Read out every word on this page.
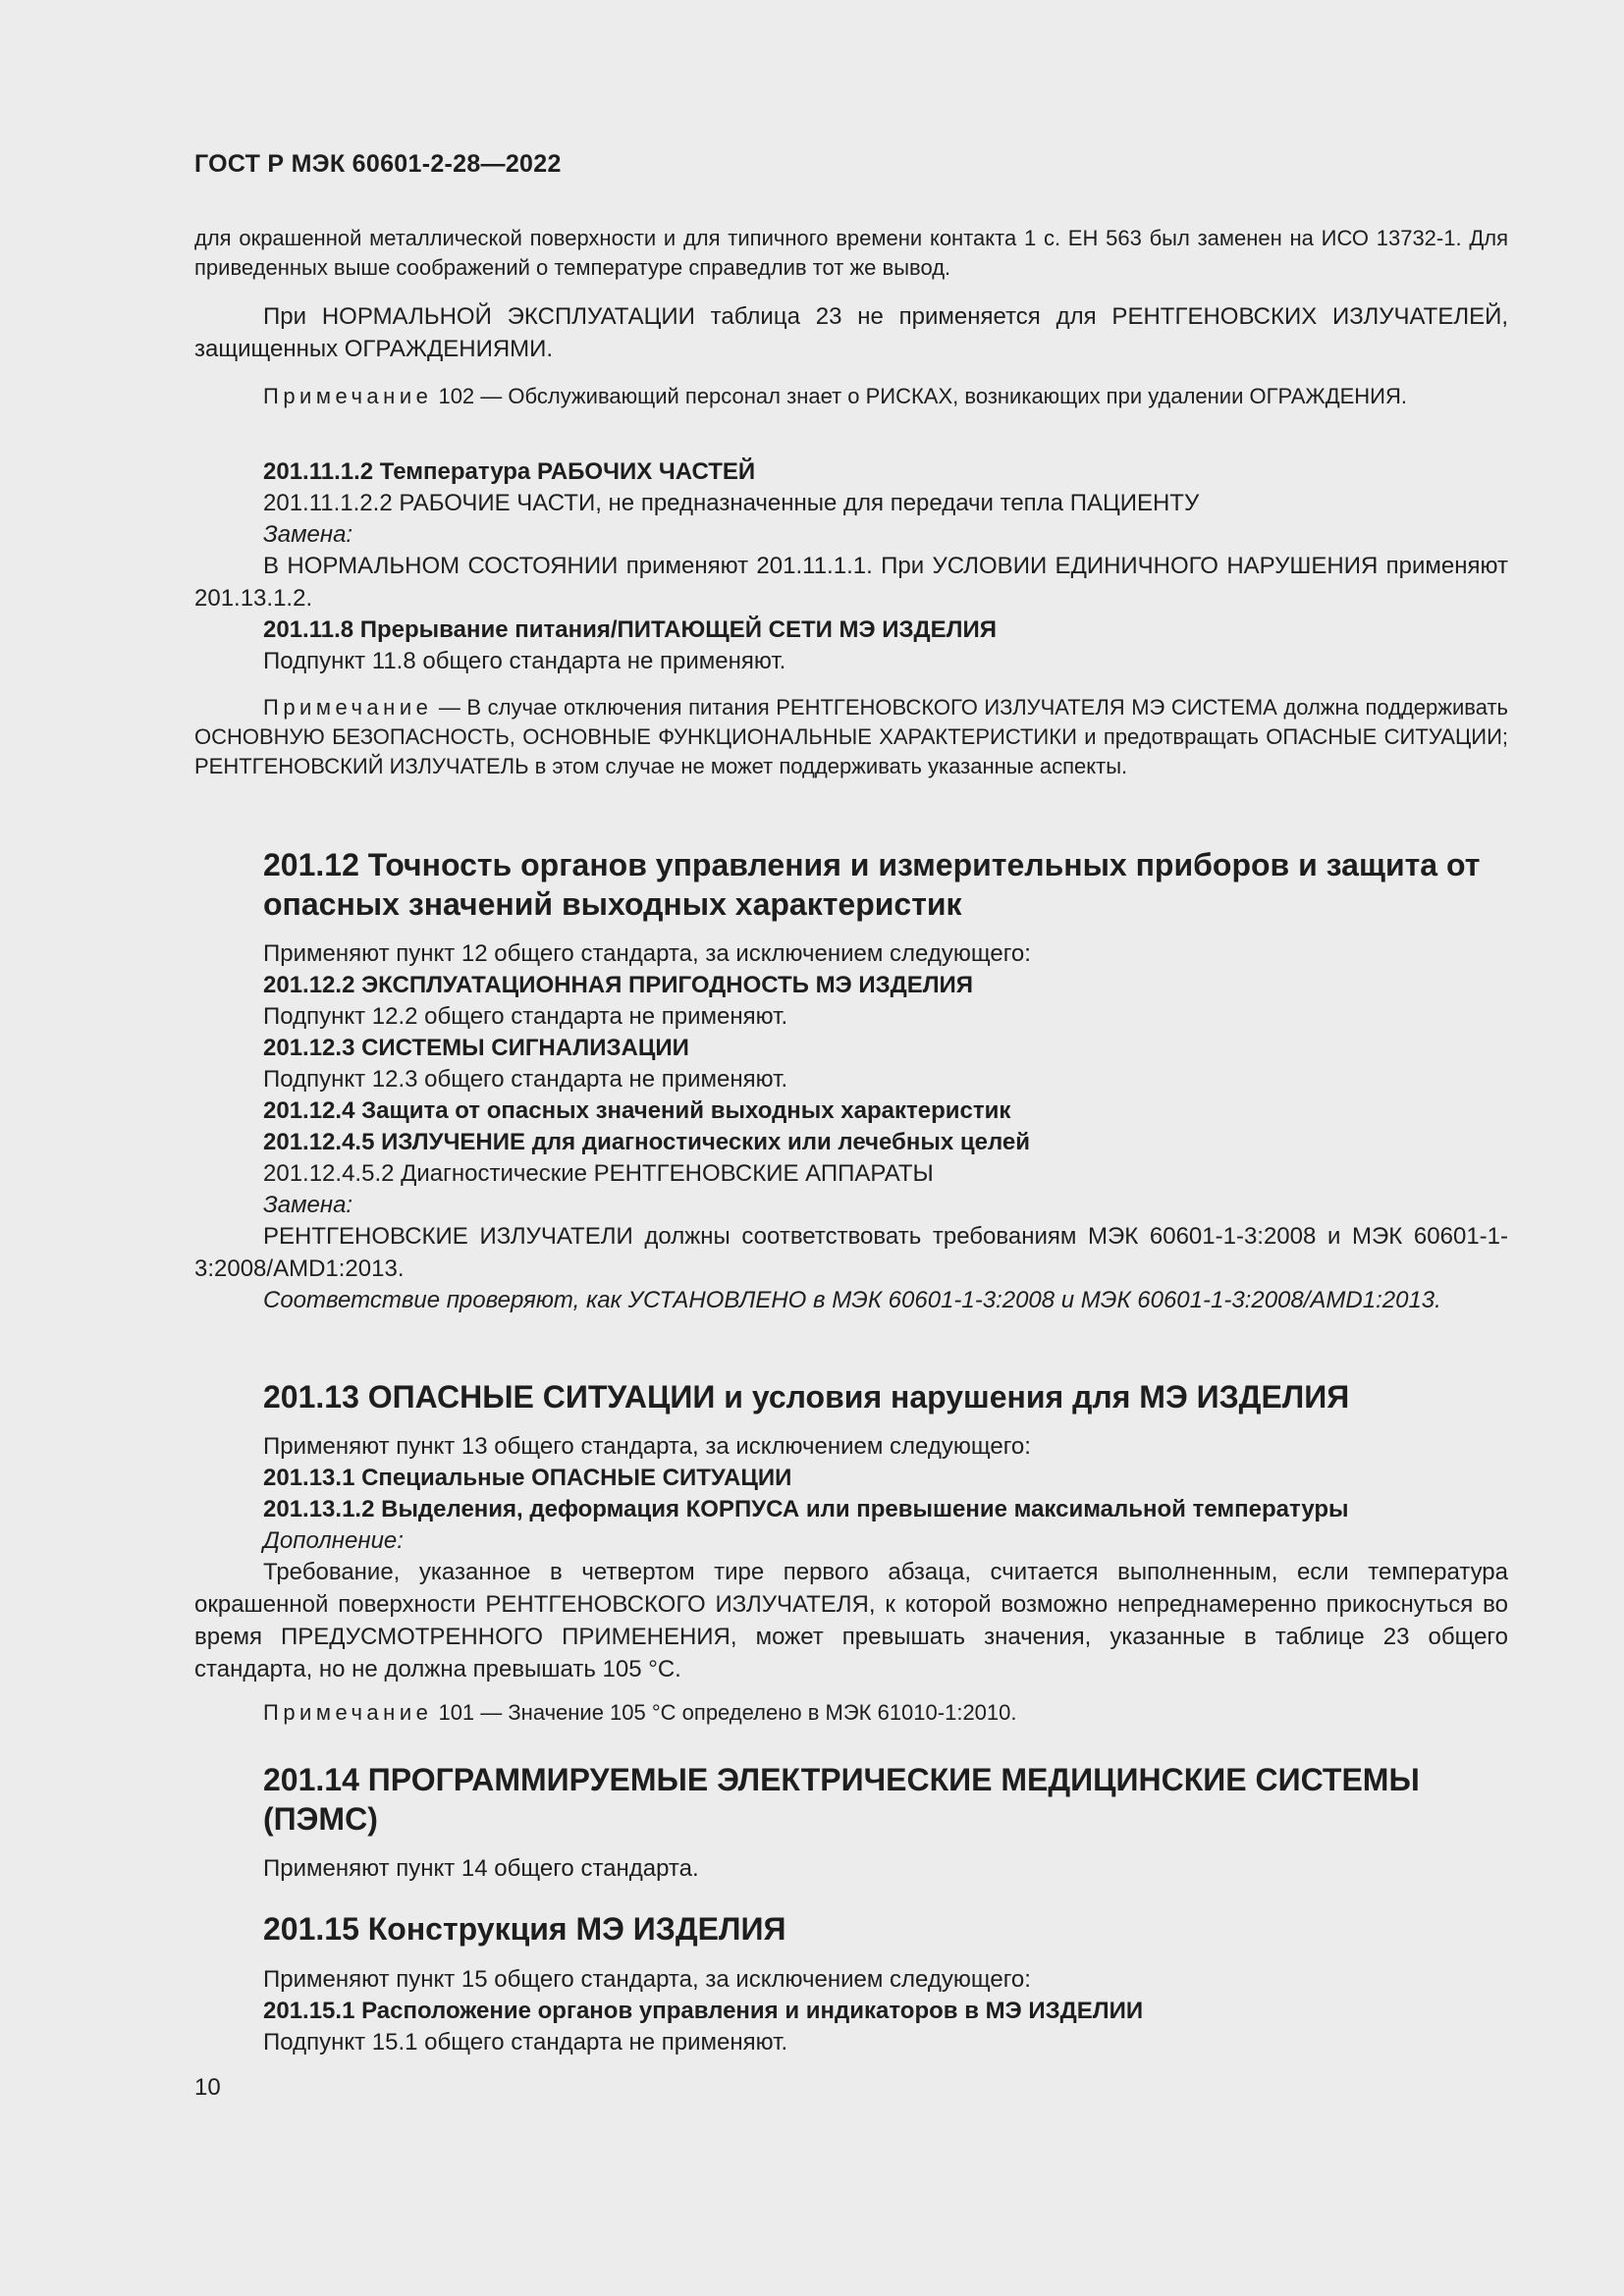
ГОСТ Р МЭК 60601-2-28—2022

для окрашенной металлической поверхности и для типичного времени контакта 1 с. ЕН 563 был заменен на ИСО 13732-1. Для приведенных выше соображений о температуре справедлив тот же вывод.

При НОРМАЛЬНОЙ ЭКСПЛУАТАЦИИ таблица 23 не применяется для РЕНТГЕНОВСКИХ ИЗЛУЧАТЕЛЕЙ, защищенных ОГРАЖДЕНИЯМИ.

Примечание 102 — Обслуживающий персонал знает о РИСКАХ, возникающих при удалении ОГРАЖДЕНИЯ.

201.11.1.2 Температура РАБОЧИХ ЧАСТЕЙ

201.11.1.2.2 РАБОЧИЕ ЧАСТИ, не предназначенные для передачи тепла ПАЦИЕНТУ

Замена:

В НОРМАЛЬНОМ СОСТОЯНИИ применяют 201.11.1.1. При УСЛОВИИ ЕДИНИЧНОГО НАРУШЕНИЯ применяют 201.13.1.2.

201.11.8 Прерывание питания/ПИТАЮЩЕЙ СЕТИ МЭ ИЗДЕЛИЯ

Подпункт 11.8 общего стандарта не применяют.

Примечание — В случае отключения питания РЕНТГЕНОВСКОГО ИЗЛУЧАТЕЛЯ МЭ СИСТЕМА должна поддерживать ОСНОВНУЮ БЕЗОПАСНОСТЬ, ОСНОВНЫЕ ФУНКЦИОНАЛЬНЫЕ ХАРАКТЕРИСТИКИ и предотвращать ОПАСНЫЕ СИТУАЦИИ; РЕНТГЕНОВСКИЙ ИЗЛУЧАТЕЛЬ в этом случае не может поддерживать указанные аспекты.

201.12 Точность органов управления и измерительных приборов и защита от опасных значений выходных характеристик

Применяют пункт 12 общего стандарта, за исключением следующего:

201.12.2 ЭКСПЛУАТАЦИОННАЯ ПРИГОДНОСТЬ МЭ ИЗДЕЛИЯ

Подпункт 12.2 общего стандарта не применяют.

201.12.3 СИСТЕМЫ СИГНАЛИЗАЦИИ

Подпункт 12.3 общего стандарта не применяют.

201.12.4 Защита от опасных значений выходных характеристик

201.12.4.5 ИЗЛУЧЕНИЕ для диагностических или лечебных целей

201.12.4.5.2 Диагностические РЕНТГЕНОВСКИЕ АППАРАТЫ

Замена:

РЕНТГЕНОВСКИЕ ИЗЛУЧАТЕЛИ должны соответствовать требованиям МЭК 60601-1-3:2008 и МЭК 60601-1-3:2008/AMD1:2013.

Соответствие проверяют, как УСТАНОВЛЕНО в МЭК 60601-1-3:2008 и МЭК 60601-1-3:2008/AMD1:2013.

201.13 ОПАСНЫЕ СИТУАЦИИ и условия нарушения для МЭ ИЗДЕЛИЯ

Применяют пункт 13 общего стандарта, за исключением следующего:

201.13.1 Специальные ОПАСНЫЕ СИТУАЦИИ

201.13.1.2 Выделения, деформация КОРПУСА или превышение максимальной температуры

Дополнение:

Требование, указанное в четвертом тире первого абзаца, считается выполненным, если температура окрашенной поверхности РЕНТГЕНОВСКОГО ИЗЛУЧАТЕЛЯ, к которой возможно непреднамеренно прикоснуться во время ПРЕДУСМОТРЕННОГО ПРИМЕНЕНИЯ, может превышать значения, указанные в таблице 23 общего стандарта, но не должна превышать 105 °С.

Примечание 101 — Значение 105 °С определено в МЭК 61010-1:2010.

201.14 ПРОГРАММИРУЕМЫЕ ЭЛЕКТРИЧЕСКИЕ МЕДИЦИНСКИЕ СИСТЕМЫ (ПЭМС)

Применяют пункт 14 общего стандарта.

201.15 Конструкция МЭ ИЗДЕЛИЯ

Применяют пункт 15 общего стандарта, за исключением следующего:

201.15.1 Расположение органов управления и индикаторов в МЭ ИЗДЕЛИИ

Подпункт 15.1 общего стандарта не применяют.

10
